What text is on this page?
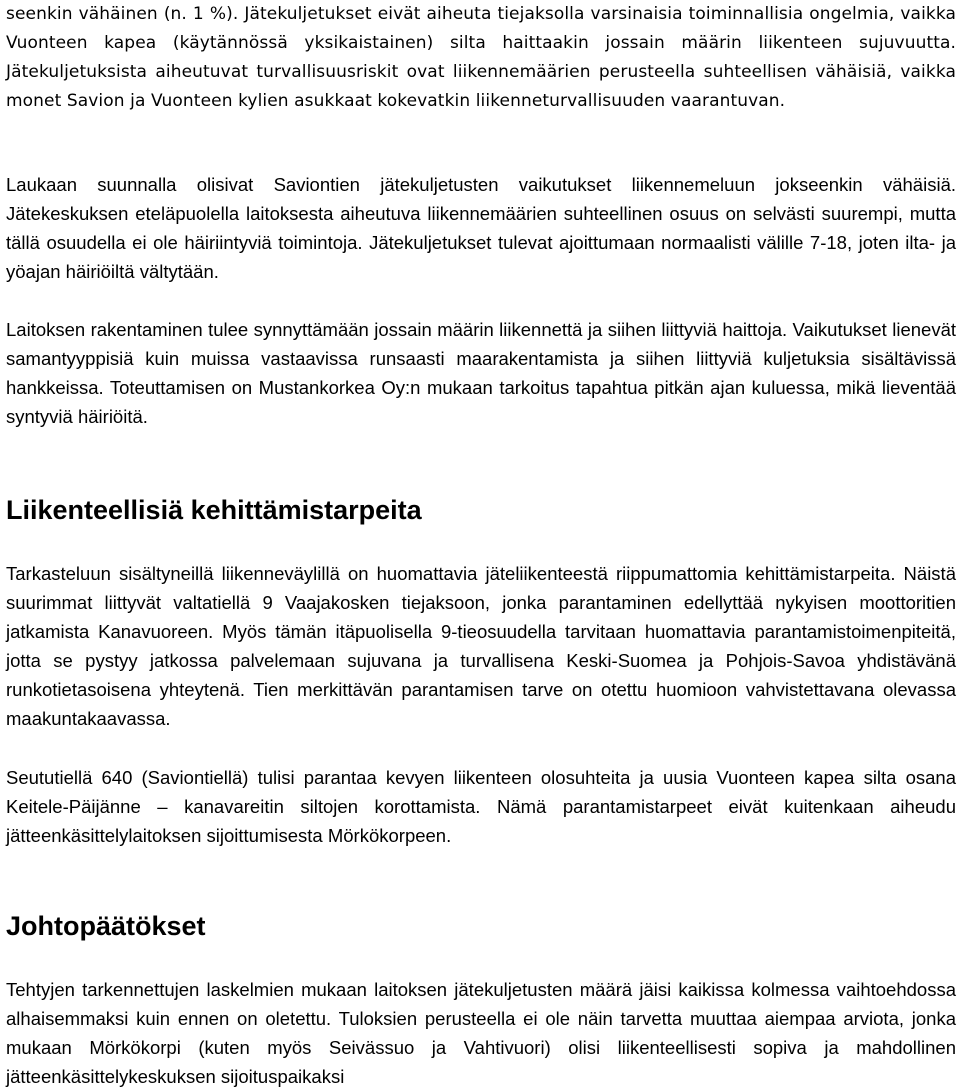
seenkin vähäinen (n. 1 %). Jätekuljetukset eivät aiheuta tiejaksolla varsinaisia toiminnallisia ongelmia, vaikka Vuonteen kapea (käytännössä yksikaistainen) silta haittaakin jossain määrin liikenteen sujuvuutta. Jätekuljetuksista aiheutuvat turvallisuusriskit ovat liikennemäärien perusteella suhteellisen vähäisiä, vaikka monet Savion ja Vuonteen kylien asukkaat kokevatkin liikenneturvallisuuden vaarantuvan.

Laukaan suunnalla olisivat Saviontien jätekuljetusten vaikutukset liikennemeluun jokseenkin vähäisiä. Jätekeskuksen eteläpuolella laitoksesta aiheutuva liikennemäärien suhteellinen osuus on selvästi suurempi, mutta tällä osuudella ei ole häiriintyviä toimintoja. Jätekuljetukset tulevat ajoittumaan normaalisti välille 7-18, joten ilta- ja yöajan häiriöiltä vältytään.

Laitoksen rakentaminen tulee synnyttämään jossain määrin liikennettä ja siihen liittyviä haittoja. Vaikutukset lienevät samantyyppisiä kuin muissa vastaavissa runsaasti maarakentamista ja siihen liittyviä kuljetuksia sisältävissä hankkeissa. Toteuttamisen on Mustankorkea Oy:n mukaan tarkoitus tapahtua pitkän ajan kuluessa, mikä lieventää syntyviä häiriöitä.

Liikenteellisiä kehittämistarpeita

Tarkasteluun sisältyneillä liikenneväylillä on huomattavia jäteliikenteestä riippumattomia kehittämistarpeita. Näistä suurimmat liittyvät valtatiellä 9 Vaajakosken tiejaksoon, jonka parantaminen edellyttää nykyisen moottoritien jatkamista Kanavuoreen. Myös tämän itäpuolisella 9-tieosuudella tarvitaan huomattavia parantamistoimenpiteitä, jotta se pystyy jatkossa palvelemaan sujuvana ja turvallisena Keski-Suomea ja Pohjois-Savoa yhdistävänä runkotietasoisena yhteytenä. Tien merkittävän parantamisen tarve on otettu huomioon vahvistettavana olevassa maakuntakaavassa.

Seututiellä 640 (Saviontiellä) tulisi parantaa kevyen liikenteen olosuhteita ja uusia Vuonteen kapea silta osana Keitele-Päijänne – kanavareitin siltojen korottamista. Nämä parantamistarpeet eivät kuitenkaan aiheudu jätteenkäsittelylaitoksen sijoittumisesta Mörkökorpeen.

Johtopäätökset

Tehtyjen tarkennettujen laskelmien mukaan laitoksen jätekuljetusten määrä jäisi kaikissa kolmessa vaihtoehdossa alhaisemmaksi kuin ennen on oletettu. Tuloksien perusteella ei ole näin tarvetta muuttaa aiempaa arviota, jonka mukaan Mörkökorpi (kuten myös Seivässuo ja Vahtivuori) olisi liikenteellisesti sopiva ja mahdollinen jätteenkäsittelykeskuksen sijoituspaikaksi
